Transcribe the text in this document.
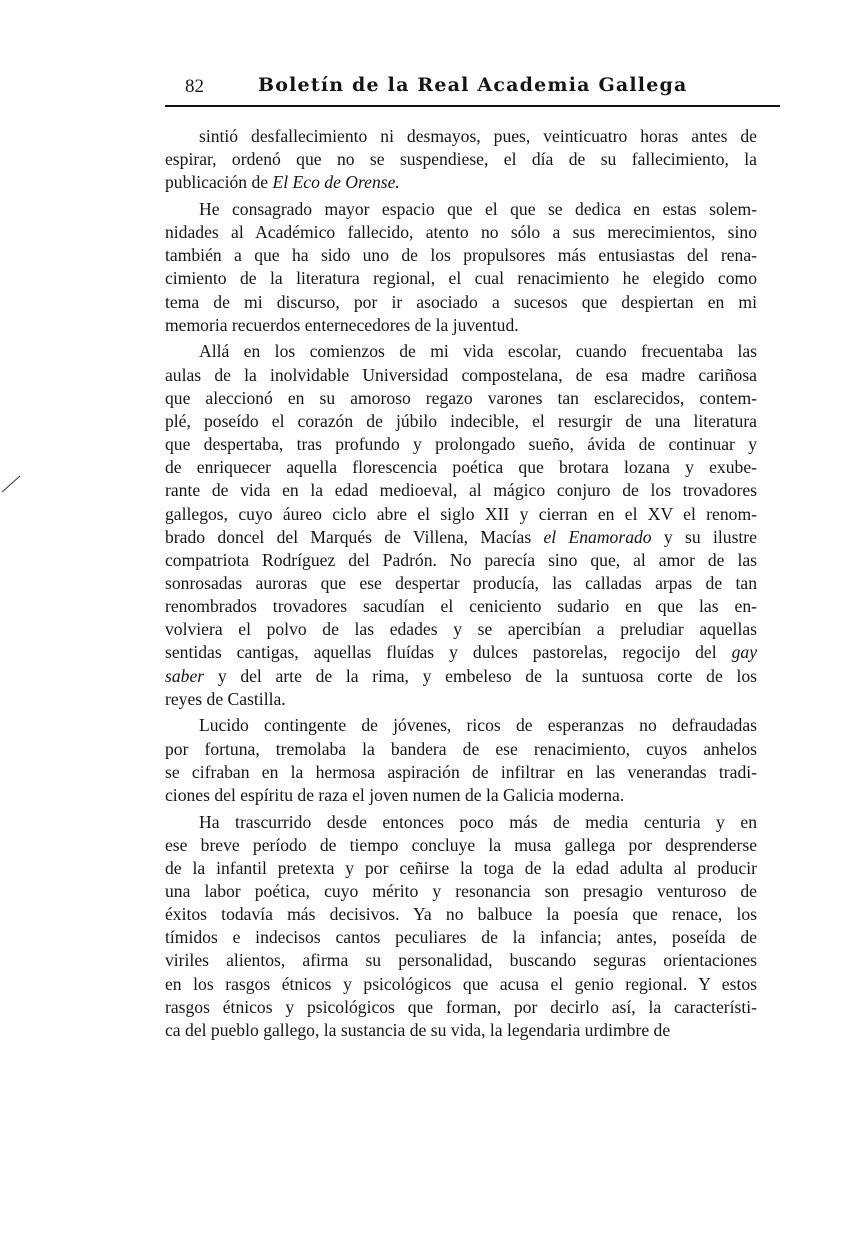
82	Boletín de la Real Academia Gallega
sintió desfallecimiento ni desmayos, pues, veinticuatro horas antes de
espirar, ordenó que no se suspendiese, el día de su fallecimiento, la
publicación de El Eco de Orense.
He consagrado mayor espacio que el que se dedica en estas solem-
nidades al Académico fallecido, atento no sólo a sus merecimientos, sino
también a que ha sido uno de los propulsores más entusiastas del rena-
cimiento de la literatura regional, el cual renacimiento he elegido como
tema de mi discurso, por ir asociado a sucesos que despiertan en mi
memoria recuerdos enternecedores de la juventud.
Allá en los comienzos de mi vida escolar, cuando frecuentaba las
aulas de la inolvidable Universidad compostelana, de esa madre cariñosa
que aleccionó en su amoroso regazo varones tan esclarecidos, contem-
plé, poseído el corazón de júbilo indecible, el resurgir de una literatura
que despertaba, tras profundo y prolongado sueño, ávida de continuar y
de enriquecer aquella florescencia poética que brotara lozana y exube-
rante de vida en la edad medioeval, al mágico conjuro de los trovadores
gallegos, cuyo áureo ciclo abre el siglo XII y cierran en el XV el renom-
brado doncel del Marqués de Villena, Macías el Enamorado y su ilustre
compatriota Rodríguez del Padrón. No parecía sino que, al amor de las
sonrosadas auroras que ese despertar producía, las calladas arpas de tan
renombrados trovadores sacudían el ceniciento sudario en que las en-
volviera el polvo de las edades y se apercibían a preludiar aquellas
sentidas cantigas, aquellas fluídas y dulces pastorelas, regocijo del gay
saber y del arte de la rima, y embeleso de la suntuosa corte de los
reyes de Castilla.
Lucido contingente de jóvenes, ricos de esperanzas no defraudadas
por fortuna, tremolaba la bandera de ese renacimiento, cuyos anhelos
se cifraban en la hermosa aspiración de infiltrar en las venerandas tradi-
ciones del espíritu de raza el joven numen de la Galicia moderna.
Ha trascurrido desde entonces poco más de media centuria y en
ese breve período de tiempo concluye la musa gallega por desprenderse
de la infantil pretexta y por ceñirse la toga de la edad adulta al producir
una labor poética, cuyo mérito y resonancia son presagio venturoso de
éxitos todavía más decisivos. Ya no balbuce la poesía que renace, los
tímidos e indecisos cantos peculiares de la infancia; antes, poseída de
viriles alientos, afirma su personalidad, buscando seguras orientaciones
en los rasgos étnicos y psicológicos que acusa el genio regional. Y estos
rasgos étnicos y psicológicos que forman, por decirlo así, la característi-
ca del pueblo gallego, la sustancia de su vida, la legendaria urdimbre de
